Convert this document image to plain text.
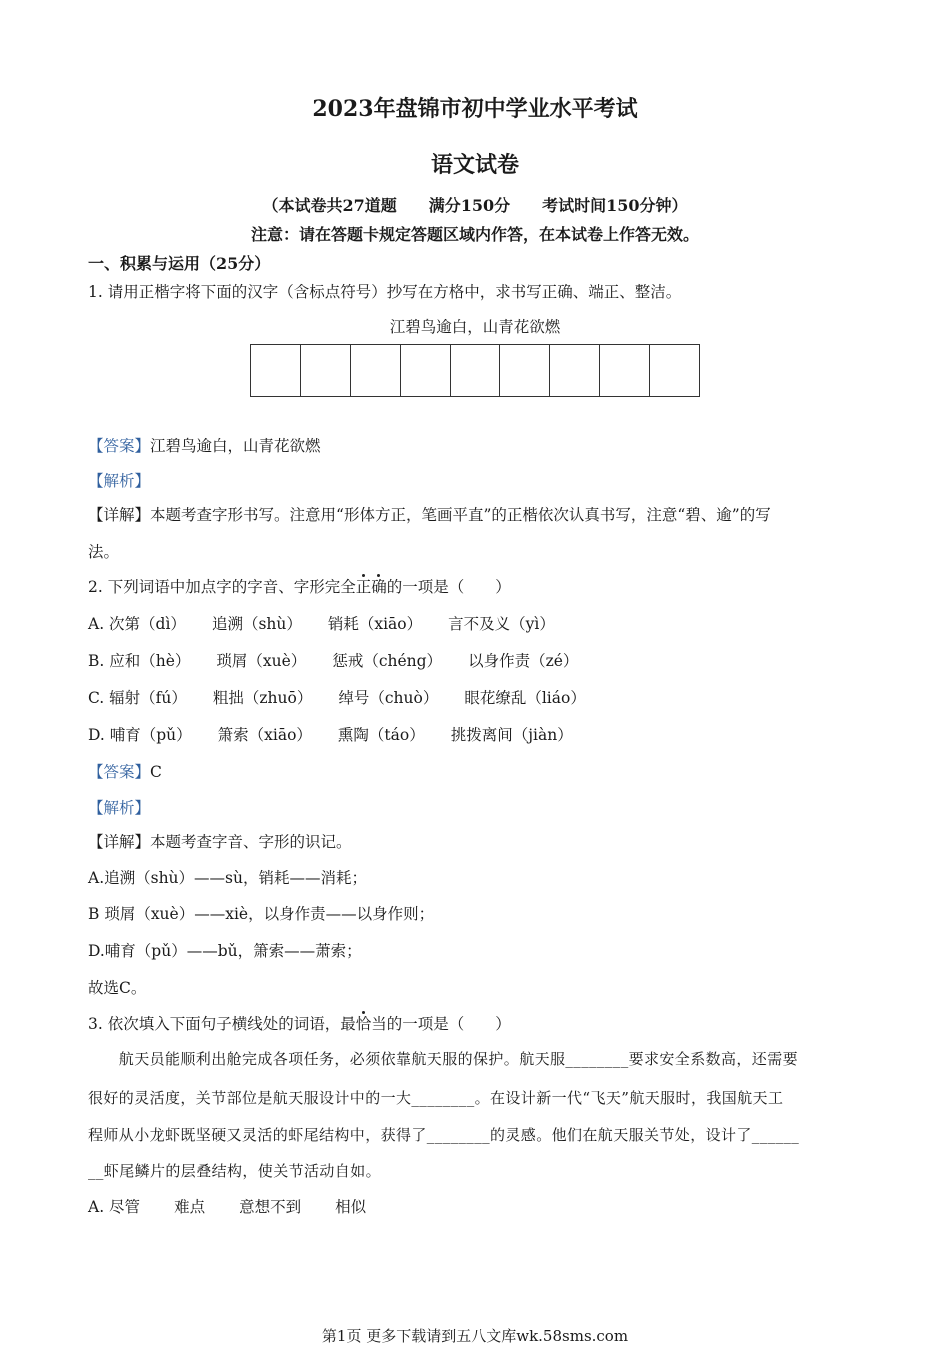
2023年盘锦市初中学业水平考试
语文试卷
（本试卷共27道题　　满分150分　　考试时间150分钟）
注意：请在答题卡规定答题区域内作答，在本试卷上作答无效。
一、积累与运用（25分）
1. 请用正楷字将下面的汉字（含标点符号）抄写在方格中，求书写正确、端正、整洁。
江碧鸟逾白，山青花欲燃
【答案】江碧鸟逾白，山青花欲燃
【解析】
【详解】本题考查字形书写。注意用“形体方正，笔画平直”的正楷依次认真书写，注意“碧、逾”的写
法。
2. 下列词语中加点字的字音、字形完全正确的一项是（　　）
A. 次第（dì） 追溯（shù） 销耗（xiāo） 言不及义（yì）
B. 应和（hè） 琐屑（xuè） 惩戒（chéng） 以身作责（zé）
C. 辐射（fú） 粗拙（zhuō） 绰号（chuò） 眼花缭乱（liáo）
D. 哺育（pǔ） 箫索（xiāo） 熏陶（táo） 挑拨离间（jiàn）
【答案】C
【解析】
【详解】本题考查字音、字形的识记。
A.追溯（shù）——sù，销耗——消耗；
B 琐屑（xuè）——xiè，以身作责——以身作则；
D.哺育（pǔ）——bǔ，箫索——萧索；
故选C。
3. 依次填入下面句子横线处的词语，最恰当的一项是（　　）
　　航天员能顺利出舱完成各项任务，必须依靠航天服的保护。航天服________要求安全系数高，还需要
很好的灵活度，关节部位是航天服设计中的一大________。在设计新一代“飞天”航天服时，我国航天工
程师从小龙虾既坚硬又灵活的虾尾结构中，获得了________的灵感。他们在航天服关节处，设计了______
__虾尾鳞片的层叠结构，使关节活动自如。
A. 尽管 难点 意想不到 相似
第1页 更多下载请到五八文库wk.58sms.com
